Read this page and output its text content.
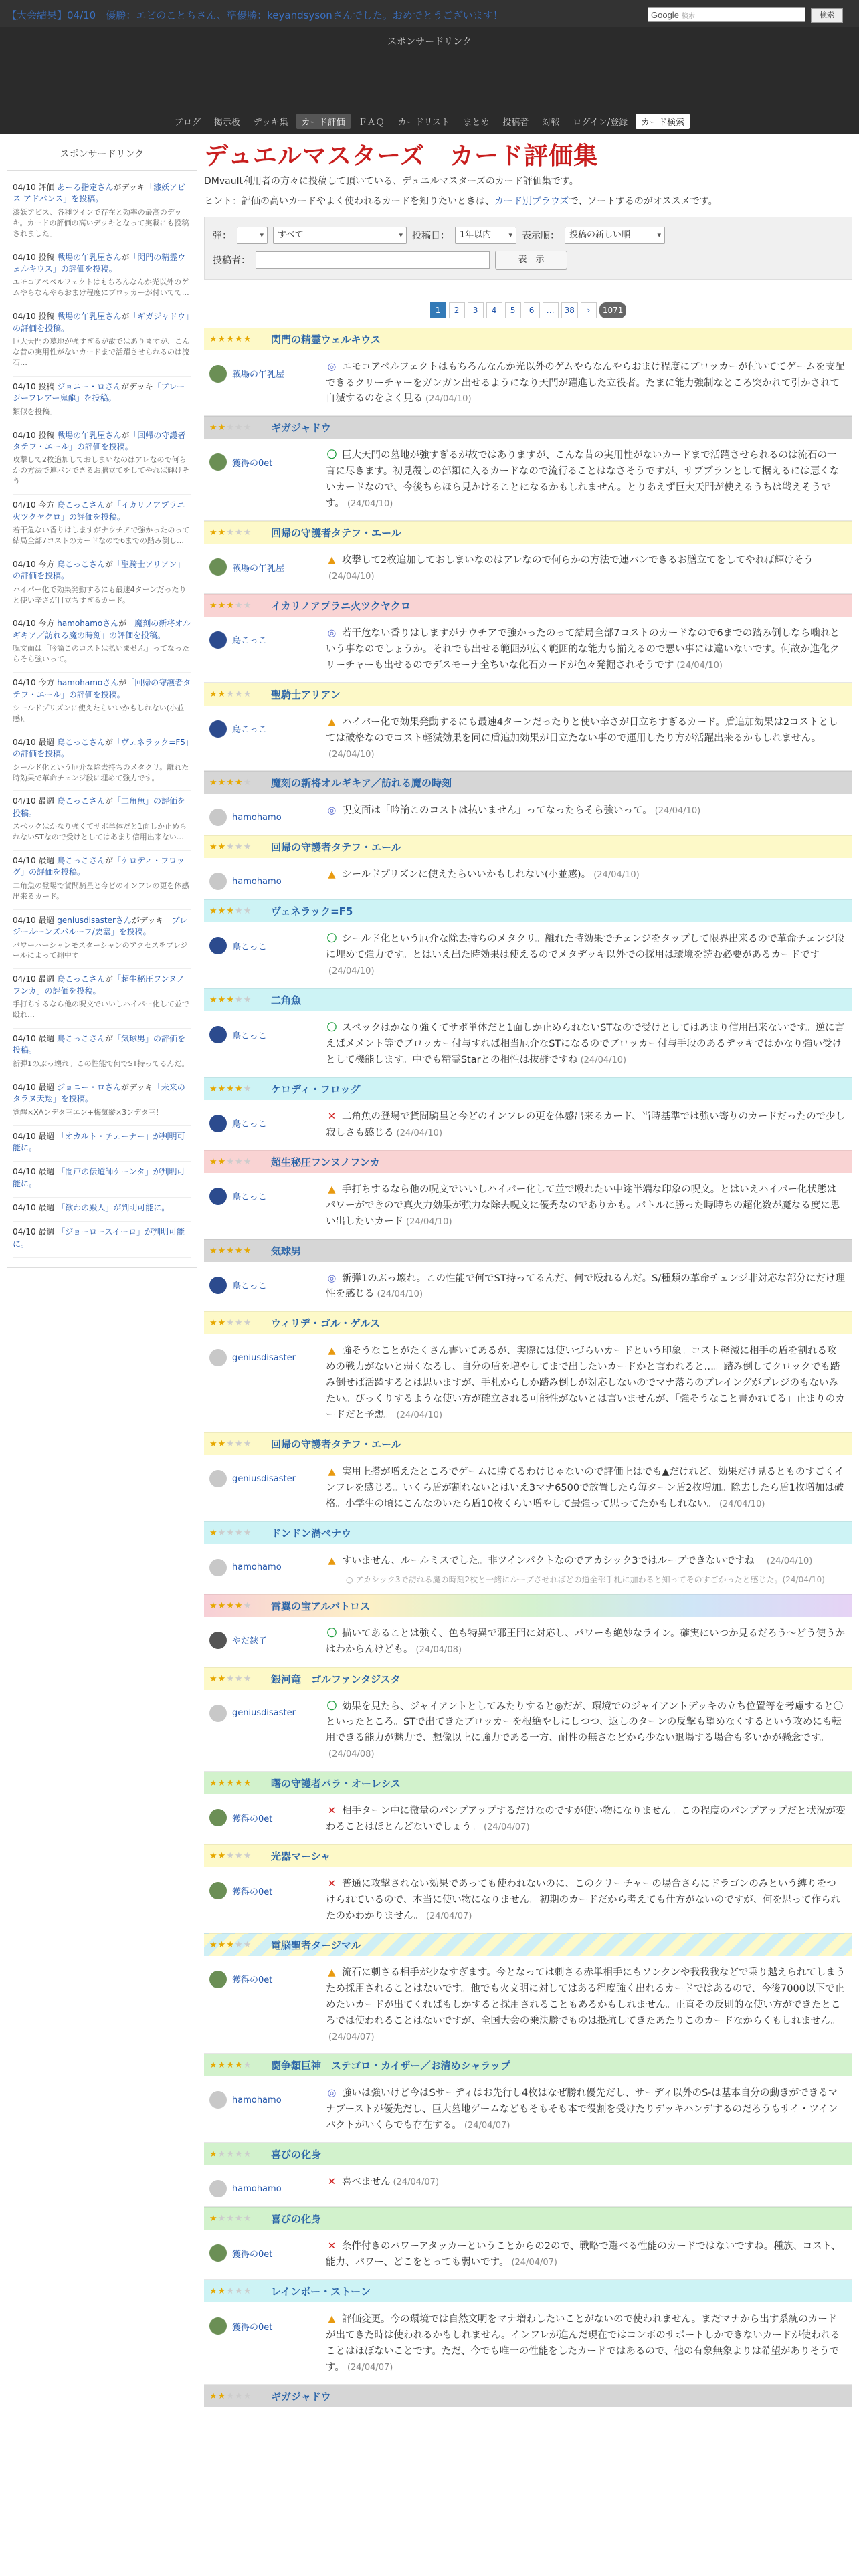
【大会結果】04/10　優勝：エビのことちさん、準優勝：keyandsysonさんでした。おめでとうございます！	Google 検索	検索
スポンサードリンク
ブログ	掲示板	デッキ集	カード評価	ＦＡＱ	カードリスト	まとめ	投稿者	対戦	ログイン/登録	カード検索
スポンサードリンク
04/10 評価 あーる指定さんがデッキ「漆妖アビス アドバンス」を投稿。
漆妖アビス、各種ツインで存在と効率の最高のデッキ。カードの評価の高いデッキとなって実戦にも投稿されました。
04/10 投稿 戦場の午乳屋さんが「閃門の精霊ウェルキウス」の評価を投稿。
エモコアペベルフェクトはもちろんなんか光以外のゲムやらなんやらおまけ程度にブロッカーが付いてて…
04/10 投稿 戦場の午乳屋さんが「ギガジャドウ」の評価を投稿。
巨大天門の墓地が強すぎるが故ではありますが、こんな昔の実用性がないカードまで活躍させられるのは流石…
04/10 投稿 ジョニー・ロさんがデッキ「ブレージーフレアー鬼龍」を投稿。
類似を投稿。
04/10 投稿 戦場の午乳屋さんが「回帰の守護者タテフ・エール」の評価を投稿。
攻撃して2枚追加しておしまいなのはアレなので何らかの方法で連パンできるお膳立てをしてやれば輝けそう
04/10 今方 鳥こっこさんが「イカリノアプラニ火ツクヤクロ」の評価を投稿。
若干危ない香りはしますがナウチアで強かったのって結局全部7コストのカードなので6までの踏み倒し…
04/10 今方 鳥こっこさんが「聖騎士アリアン」の評価を投稿。
ハイパー化で効果発動するにも最速4ターンだったりと使い辛さが目立ちすぎるカード。
04/10 今方 hamohamoさんが「魔刻の新将オルギキア／訪れる魔の時刻」の評価を投稿。
呪文面は「吟論このコストは払いません」ってなったらそら強いって。
04/10 今方 hamohamoさんが「回帰の守護者タテフ・エール」の評価を投稿。
シールドプリズンに使えたらいいかもしれない(小並感)。
04/10 最週 鳥こっこさんが「ヴェネラック=F5」の評価を投稿。
シールド化という厄介な除去持ちのメタクリ。離れた時効果で革命チェンジ段に埋めて強力です。
04/10 最週 鳥こっこさんが「二角魚」の評価を投稿。
スペックはかなり強くてサポ単体だと1面しか止められないSTなので受けとしてはあまり信用出来ない…
04/10 最週 鳥こっこさんが「ケロディ・フロッグ」の評価を投稿。
二角魚の登場で貨問騎星と今どのインフレの更を体感出来るカード。
04/10 最週 geniusdisasterさんがデッキ「ブレジールーンズバルーフ/要塞」を投稿。
バワーハーシャンモスターシャンのアクセスをプレジールによって翻中す
04/10 最週 鳥こっこさんが「超生秘圧フンヌノフンカ」の評価を投稿。
手打ちするなら他の呪文でいいしハイパー化して並で殴れ…
04/10 最週 鳥こっこさんが「気球男」の評価を投稿。
新弾1のぶっ壊れ。この性能で何でST持ってるんだ。
04/10 最週 ジョニー・ロさんがデッキ「未来のタラヌ天翔」を投稿。
覚醒×XAンデタ三エン+梅気縦×3ンデタ三！
04/10 最週 「オカルト・チェーナー」が判明可能に。
04/10 最週 「闇戸の伝道師ケーンタ」が判明可能に。
04/10 最週 「歓わの殿人」が判明可能に。
04/10 最週 「ジョーロースイーロ」が判明可能に。
デュエルマスターズ　カード評価集
DMvault利用者の方々に投稿して頂いている、デュエルマスターズのカード評価集です。
ヒント：評価の高いカードやよく使われるカードを知りたいときは、カード別ブラウズで、ソートするのがオススメです。
弾：
▾	すべて ▾	投稿日：	1年以内 ▾	表示順：	投稿の新しい順 ▾
投稿者：	表　示
1	2	3	4	5	6	…	38	›	1071
★★★★★	閃門の精霊ウェルキウス
戦場の午乳屋
◎ エモコアペルフェクトはもちろんなんか光以外のゲムやらなんやらおまけ程度にブロッカーが付いててゲームを支配できるクリーチャーをガンガン出せるようになり天門が躍進した立役者。たまに能力強制なところ突かれて引かされて自滅するのをよく見る (24/04/10)
★★★★★	ギガジャドウ
獲得の0et
〇 巨大天門の墓地が強すぎるが故ではありますが、こんな昔の実用性がないカードまで活躍させられるのは流石の一言に尽きます。初見殺しの部類に入るカードなので流行ることはなさそうですが、サブプランとして据えるには悪くないカードなので、今後ちらほら見かけることになるかもしれません。とりあえず巨大天門が使えるうちは戦えそうです。 (24/04/10)
★★★★★	回帰の守護者タテフ・エール
戦場の午乳屋
▲ 攻撃して2枚追加しておしまいなのはアレなので何らかの方法で連パンできるお膳立てをしてやれば輝けそう(24/04/10)
★★★★★	イカリノアプラニ火ツクヤクロ
鳥こっこ
◎ 若干危ない香りはしますがナウチアで強かったのって結局全部7コストのカードなので6までの踏み倒しなら噛れという事なのでしょうか。それでも出せる範囲が広く範囲的な能力も揃えるので悪い事には違いないです。何故か進化クリーチャーも出せるのでデスモーナ全ちいな化石カードが色々発掘されそうです (24/04/10)
★★★★★	聖騎士アリアン
鳥こっこ
▲ ハイパー化で効果発動するにも最速4ターンだったりと使い辛さが目立ちすぎるカード。盾追加効果は2コストとしては破格なのでコスト軽減効果を同に盾追加効果が目立たない事ので運用したり方が活躍出来るかもしれません。(24/04/10)
★★★★★	魔刻の新将オルギキア／訪れる魔の時刻
hamohamo
◎ 呪文面は「吟論このコストは払いません」ってなったらそら強いって。 (24/04/10)
★★★★★	回帰の守護者タテフ・エール
hamohamo
▲ シールドプリズンに使えたらいいかもしれない(小並感)。 (24/04/10)
★★★★★	ヴェネラック=F5
鳥こっこ
〇 シールド化という厄介な除去持ちのメタクリ。離れた時効果でチェンジをタップして限界出来るので革命チェンジ段に埋めて強力です。とはいえ出た時効果は使えるのでメタデッキ以外での採用は環境を読む必要があるカードです(24/04/10)
★★★★★	二角魚
鳥こっこ
〇 スペックはかなり強くてサポ単体だと1面しか止められないSTなので受けとしてはあまり信用出来ないです。逆に言えばメメント等でブロッカー付与すれば相当厄介なSTになるのでブロッカー付与手段のあるデッキではかなり強い受けとして機能します。中でも精霊Starとの相性は抜群ですね (24/04/10)
★★★★★	ケロディ・フロッグ
鳥こっこ
✕ 二角魚の登場で貨問騎星と今どのインフレの更を体感出来るカード、当時基準では強い寄りのカードだったので少し寂しさも感じる (24/04/10)
★★★★★	超生秘圧フンヌノフンカ
鳥こっこ
▲ 手打ちするなら他の呪文でいいしハイパー化して並で殴れたい中途半端な印象の呪文。とはいえハイパー化状態はパワーができので真火力効果が強力な除去呪文に優秀なのでありかも。パトルに勝った時時ちの超化数が魔なる度に思い出したいカード (24/04/10)
★★★★★	気球男
鳥こっこ
◎ 新弾1のぶっ壊れ。この性能で何でST持ってるんだ、何で殴れるんだ。S/種類の革命チェンジ非対応な部分にだけ理性を感じる (24/04/10)
★★★★★	ウィリデ・ゴル・ゲルス
geniusdisaster
▲ 強そうなことがたくさん書いてあるが、実際には使いづらいカードという印象。コスト軽減に相手の盾を割れる攻めの戦力がないと弱くなるし、自分の盾を増やしてまで出したいカードかと言われると…。踏み倒してクロックでも踏み倒せば活躍するとは思いますが、手札からしか踏み倒しが対応しないのでマナ落ちのプレイングがプレジのもないみたい。びっくりするような使い方が確立される可能性がないとは言いませんが、「強そうなこと書かれてる」止まりのカードだと予想。 (24/04/10)
★★★★★	回帰の守護者タテフ・エール
geniusdisaster
▲ 実用上搭が増えたところでゲームに勝てるわけじゃないので評価上はでも▲だけれど、効果だけ見るとものすごくインフレを感じる。いくら盾が割れないとはいえ3マナ6500で放置したら毎ターン盾2枚増加。除去したら盾1枚増加は破格。小学生の頃にこんなのいたら盾10枚くらい増やして最強って思ってたかもしれない。 (24/04/10)
★★★★★	ドンドン渦ペナウ
hamohamo
▲ すいません、ルールミスでした。非ツインパクトなのでアカシック3ではループできないですね。 (24/04/10)
○ アカシック3で訪れる魔の時刻2枚と一緒にループさせればどの道全部手札に加わると知ってそのすごかったと感じた。(24/04/10)
★★★★★	雷翼の宝アルバトロス
やだ鋏子
〇 描いてあることは強く、色も特異で邪王門に対応し、パワーも絶妙なライン。確実にいつか見るだろう〜どう使うかはわからんけども。 (24/04/08)
★★★★★	銀河竜　ゴルファンタジスタ
geniusdisaster
〇 効果を見たら、ジャイアントとしてみたりすると◎だが、環境でのジャイアントデッキの立ち位置等を考慮すると〇といったところ。STで出てきたブロッカーを根絶やしにしつつ、返しのターンの反撃も望めなくするという攻めにも転用できる能力が魅力で、想像以上に強力である一方、耐性の無さなどから少ない退場する場合も多いかが懸念です。(24/04/08)
★★★★★	曙の守護者パラ・オーレシス
獲得の0et
✕ 相手ターン中に微量のパンプアップするだけなのですが使い物になりません。この程度のパンプアップだと状況が変わることはほとんどないでしょう。 (24/04/07)
★★★★★	光器マーシャ
獲得の0et
✕ 普通に攻撃されない効果であっても使われないのに、このクリーチャーの場合さらにドラゴンのみという縛りをつけられているので、本当に使い物になりません。初期のカードだから考えても仕方がないのですが、何を思って作られたのかわかりません。 (24/04/07)
★★★★★	電脳聖者タージマル
獲得の0et
▲ 流石に刺さる相手が少なすぎます。今となっては刺さる赤単相手にもソンクンや我我我などで乗り越えられてしまうため採用されることはないです。他でも火文明に対してはある程度強く出れるカードではあるので、今後7000以下で止めたいカードが出てくればもしかすると採用されることもあるかもしれません。正直その反則的な使い方ができたところでは使われることはないですが、全国大会の乗決勝でものは抵抗してきたあたりこのカードなからくもしれません。(24/04/07)
★★★★★	闘争類巨神　ステゴロ・カイザー／お清めシャラップ
hamohamo
◎ 強いは強いけど今はSサーディはお先行し4枚はなぜ勝れ優先だし、サーディ以外のS-は基本自分の動きができるマナブーストが優先だし、巨大墓地ゲームなどもそもそも本で役割を受けたりデッキハンデするのだろうもサイ・ツインパクトがいくらでも存在する。 (24/04/07)
★★★★★	喜びの化身
hamohamo
✕ 喜べません (24/04/07)
★★★★★	喜びの化身
獲得の0et
✕ 条件付きのパワーアタッカーということからの2ので、戦略で選べる性能のカードではないですね。種族、コスト、能力、パワー、どこをとっても弱いです。 (24/04/07)
★★★★★	レインボー・ストーン
獲得の0et
▲ 評価変更。今の環境では自然文明をマナ増わしたいことがないので使われません。まだマナから出す系統のカードが出てきた時は使われるかもしれません。インフレが進んだ現在ではコンボのサポートしかできないカードが使われることはほぼないことです。ただ、今でも唯一の性能をしたカードではあるので、他の有象無象よりは希望がありそうです。 (24/04/07)
★★★★★	ギガジャドウ
